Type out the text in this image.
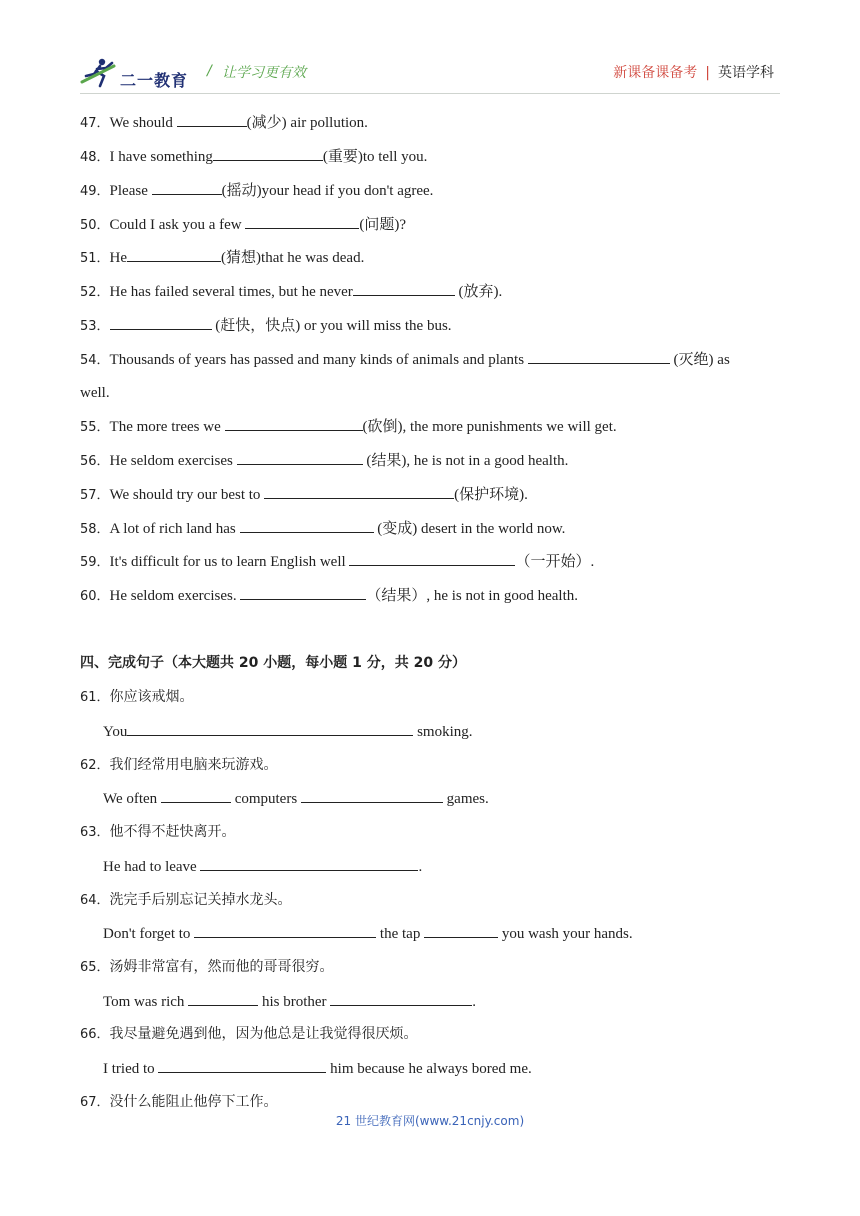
二一教育 / 让学习更有效	新课备课备考 | 英语学科
47．We should	(减少) air pollution.
48．I have something	(重要)to tell you.
49．Please	(摇动)your head if you don't agree.
50．Could I ask you a few	(问题)?
51．He	(猜想)that he was dead.
52．He has failed several times, but he never	(放弃).
53．	(赶快，快点) or you will miss the bus.
54．Thousands of years has passed and many kinds of animals and plants	(灭绝) as
well.
55．The more trees we	(砍倒), the more punishments we will get.
56．He seldom exercises	(结果), he is not in a good health.
57．We should try our best to	(保护环境).
58．A lot of rich land has	(变成) desert in the world now.
59．It's difficult for us to learn English well	（一开始）.
60．He seldom exercises.	（结果）, he is not in good health.
四、完成句子（本大题共 20 小题，每小题 1 分，共 20 分）
61．你应该戒烟。
You	smoking.
62．我们经常用电脑来玩游戏。
We often	computers	games.
63．他不得不赶快离开。
He had to leave	.
64．洗完手后别忘记关掉水龙头。
Don't forget to	the tap	you wash your hands.
65．汤姆非常富有，然而他的哥哥很穷。
Tom was rich	his brother	.
66．我尽量避免遇到他，因为他总是让我觉得很厌烦。
I tried to	him because he always bored me.
67．没什么能阻止他停下工作。
21 世纪教育网(www.21cnjy.com)
